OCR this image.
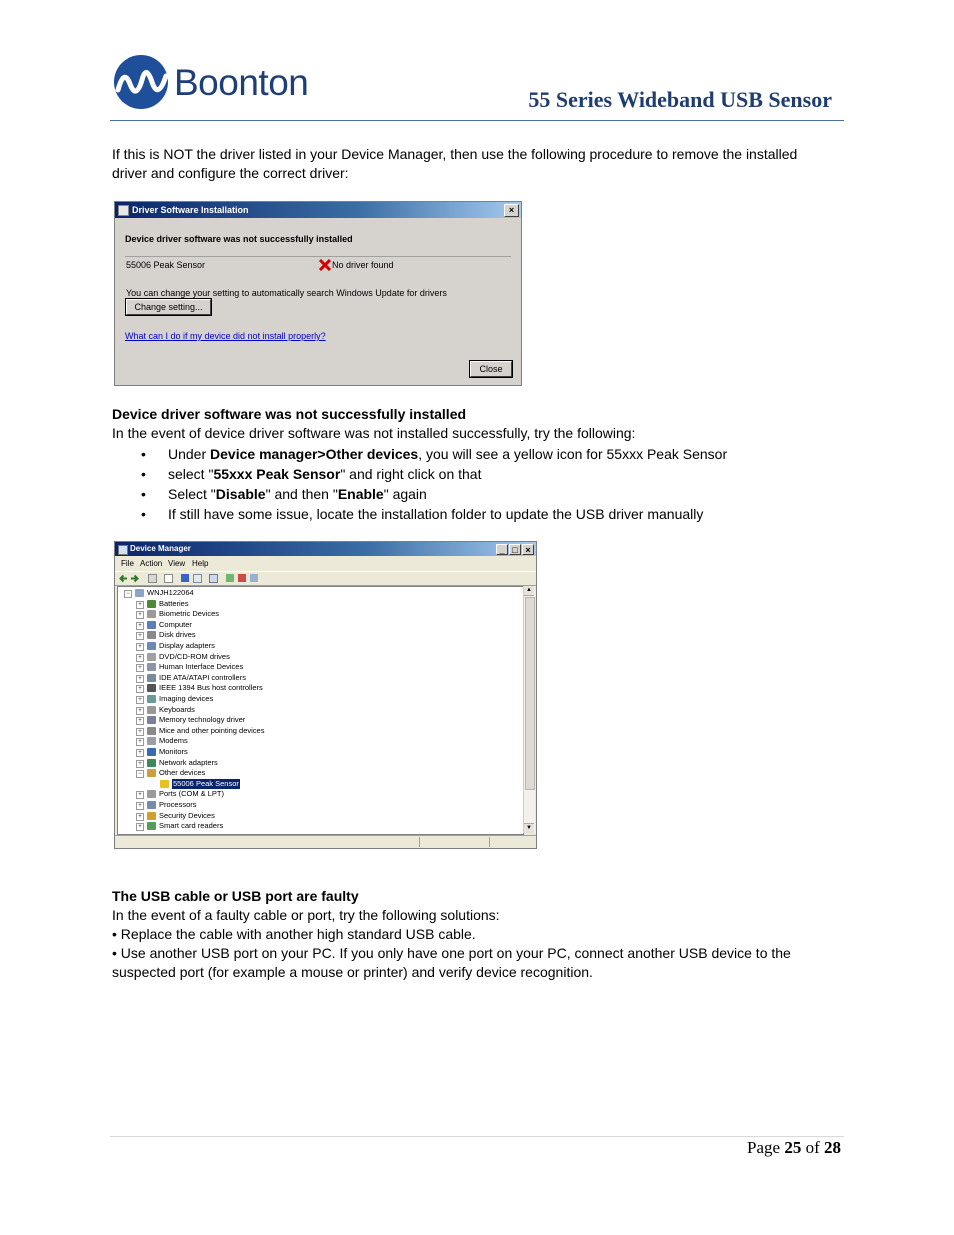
Boonton	55 Series Wideband USB Sensor
If this is NOT the driver listed in your Device Manager, then use the following procedure to remove the installed
driver and configure the correct driver:
Driver Software Installation	×
Device driver software was not successfully installed
55006 Peak Sensor	No driver found
You can change your setting to automatically search Windows Update for drivers
Change setting...
What can I do if my device did not install properly?
Close
Device driver software was not successfully installed
In the event of device driver software was not installed successfully, try the following:
• Under Device manager>Other devices, you will see a yellow icon for 55xxx Peak Sensor
• select "55xxx Peak Sensor" and right click on that
• Select "Disable" and then "Enable" again
• If still have some issue, locate the installation folder to update the USB driver manually
Device Manager	_ □ ×
File Action View Help
−	WNJH122064
+	Batteries
+	Biometric Devices
+	Computer
+	Disk drives
+	Display adapters
+	DVD/CD-ROM drives
+	Human Interface Devices
+	IDE ATA/ATAPI controllers
+	IEEE 1394 Bus host controllers
+	Imaging devices
+	Keyboards
+	Memory technology driver
+	Mice and other pointing devices
+	Modems
+	Monitors
+	Network adapters
−	Other devices
55006 Peak Sensor
+	Ports (COM & LPT)
+	Processors
+	Security Devices
+	Smart card readers
▲
▼
The USB cable or USB port are faulty
In the event of a faulty cable or port, try the following solutions:
• Replace the cable with another high standard USB cable.
• Use another USB port on your PC. If you only have one port on your PC, connect another USB device to the
suspected port (for example a mouse or printer) and verify device recognition.
Page 25 of 28
